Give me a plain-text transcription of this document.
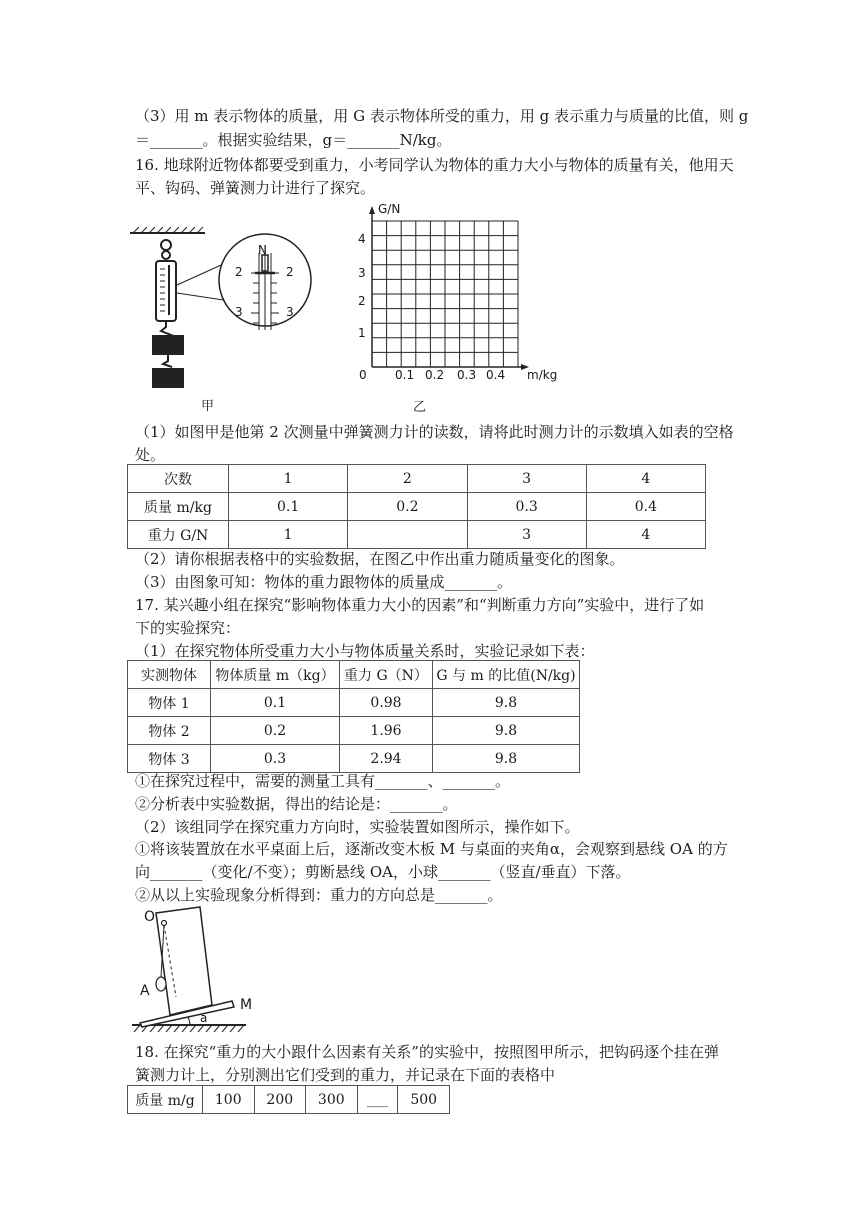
（3）用 m 表示物体的质量，用 G 表示物体所受的重力，用 g 表示重力与质量的比值，则 g
＝_______。根据实验结果，g＝_______N/kg。
16. 地球附近物体都要受到重力，小考同学认为物体的重力大小与物体的质量有关，他用天
平、钩码、弹簧测力计进行了探究。
N
2	2
3	3
甲
G/N
4
3
2
1
0 0.1 0.2 0.3 0.4 m/kg
乙
（1）如图甲是他第 2 次测量中弹簧测力计的读数，请将此时测力计的示数填入如表的空格
处。
次数	1	2	3	4
质量 m/kg	0.1	0.2	0.3	0.4
重力 G/N	1		3	4
（2）请你根据表格中的实验数据，在图乙中作出重力随质量变化的图象。
（3）由图象可知：物体的重力跟物体的质量成_______。
17. 某兴趣小组在探究“影响物体重力大小的因素”和“判断重力方向”实验中，进行了如
下的实验探究：
（1）在探究物体所受重力大小与物体质量关系时，实验记录如下表：
实测物体	物体质量 m（kg）	重力 G（N）	G 与 m 的比值(N/kg)
物体 1	0.1	0.98	9.8
物体 2	0.2	1.96	9.8
物体 3	0.3	2.94	9.8
①在探究过程中，需要的测量工具有_______、_______。
②分析表中实验数据，得出的结论是：_______。
（2）该组同学在探究重力方向时，实验装置如图所示，操作如下。
①将该装置放在水平桌面上后，逐渐改变木板 M 与桌面的夹角α，会观察到悬线 OA 的方
向_______（变化/不变）；剪断悬线 OA，小球_______（竖直/垂直）下落。
②从以上实验现象分析得到：重力的方向总是_______。
O
A
M
a
18. 在探究“重力的大小跟什么因素有关系”的实验中，按照图甲所示，把钩码逐个挂在弹
簧测力计上，分别测出它们受到的重力，并记录在下面的表格中
质量 m/g	100	200	300	___	500
